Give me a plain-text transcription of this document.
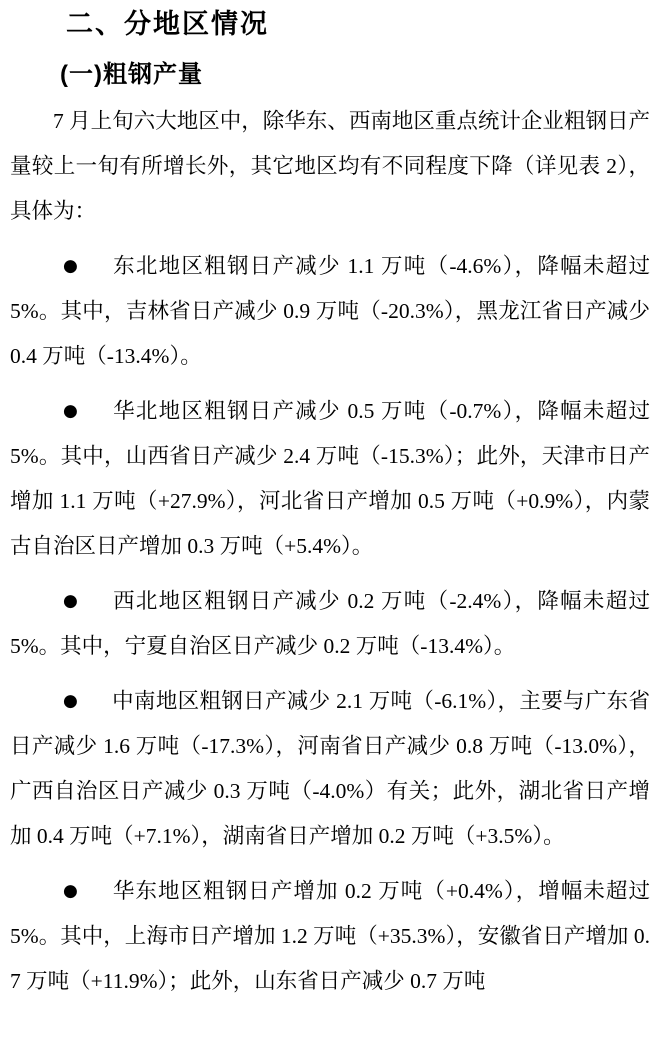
二、分地区情况
(一)粗钢产量

7 月上旬六大地区中，除华东、西南地区重点统计企业粗钢日产量较上一旬有所增长外，其它地区均有不同程度下降（详见表 2），具体为：

● 东北地区粗钢日产减少 1.1 万吨（-4.6%），降幅未超过 5%。其中，吉林省日产减少 0.9 万吨（-20.3%），黑龙江省日产减少 0.4 万吨（-13.4%）。

● 华北地区粗钢日产减少 0.5 万吨（-0.7%），降幅未超过 5%。其中，山西省日产减少 2.4 万吨（-15.3%）；此外，天津市日产增加 1.1 万吨（+27.9%），河北省日产增加 0.5 万吨（+0.9%），内蒙古自治区日产增加 0.3 万吨（+5.4%）。

● 西北地区粗钢日产减少 0.2 万吨（-2.4%），降幅未超过 5%。其中，宁夏自治区日产减少 0.2 万吨（-13.4%）。

● 中南地区粗钢日产减少 2.1 万吨（-6.1%），主要与广东省日产减少 1.6 万吨（-17.3%），河南省日产减少 0.8 万吨（-13.0%），广西自治区日产减少 0.3 万吨（-4.0%）有关；此外，湖北省日产增加 0.4 万吨（+7.1%），湖南省日产增加 0.2 万吨（+3.5%）。

● 华东地区粗钢日产增加 0.2 万吨（+0.4%），增幅未超过 5%。其中，上海市日产增加 1.2 万吨（+35.3%），安徽省日产增加 0.7 万吨（+11.9%）；此外，山东省日产减少 0.7 万吨
